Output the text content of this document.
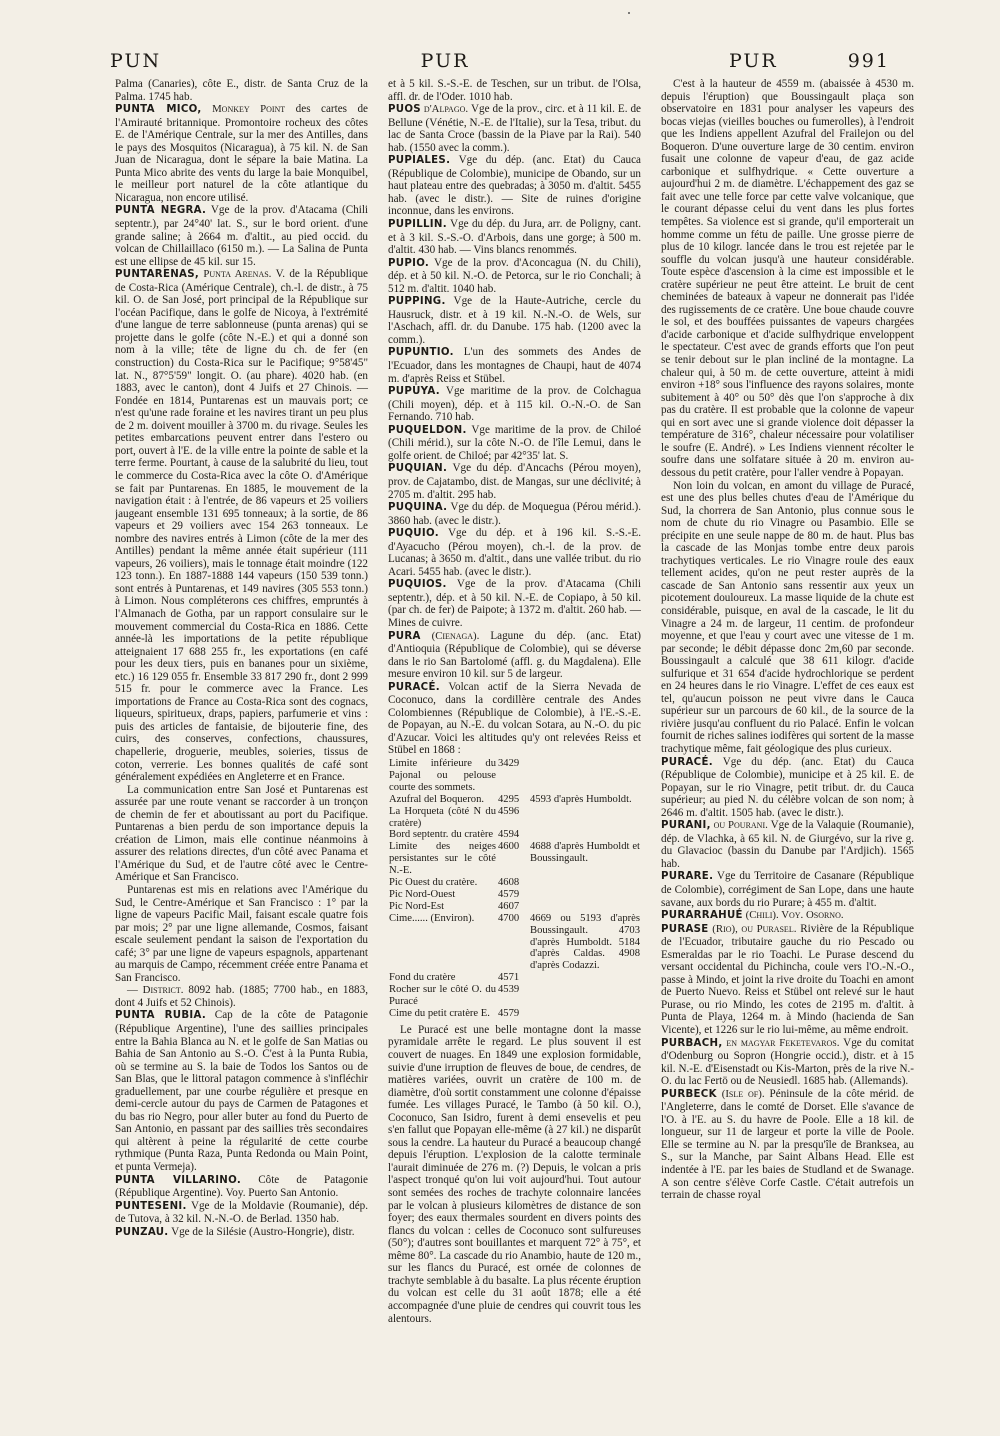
PUN	PUR	PUR	991

Palma (Canaries), côte E., distr. de Santa Cruz de la Palma. 1745 hab.

PUNTA MICO, Monkey Point des cartes de l'Amirauté britannique. Promontoire rocheux des côtes E. de l'Amérique Centrale, sur la mer des Antilles, dans le pays des Mosquitos (Nicaragua), à 75 kil. N. de San Juan de Nicaragua, dont le sépare la baie Matina. La Punta Mico abrite des vents du large la baie Monquibel, le meilleur port naturel de la côte atlantique du Nicaragua, non encore utilisé.

PUNTA NEGRA. Vge de la prov. d'Atacama (Chili septentr.), par 24°40' lat. S., sur le bord orient. d'une grande saline; à 2664 m. d'altit., au pied occid. du volcan de Chillaillaco (6150 m.). — La Salina de Punta est une ellipse de 45 kil. sur 15.

PUNTARENAS, Punta Arenas. V. de la République de Costa-Rica (Amérique Centrale), ch.-l. de distr., à 75 kil. O. de San José, port principal de la République sur l'océan Pacifique, dans le golfe de Nicoya, à l'extrémité d'une langue de terre sablonneuse (punta arenas) qui se projette dans le golfe (côte N.-E.) et qui a donné son nom à la ville; tête de ligne du ch. de fer (en construction) du Costa-Rica sur le Pacifique; 9°58'45" lat. N., 87°5'59" longit. O. (au phare). 4020 hab. (en 1883, avec le canton), dont 4 Juifs et 27 Chinois. — Fondée en 1814, Puntarenas est un mauvais port; ce n'est qu'une rade foraine et les navires tirant un peu plus de 2 m. doivent mouiller à 3700 m. du rivage. Seules les petites embarcations peuvent entrer dans l'estero ou port, ouvert à l'E. de la ville entre la pointe de sable et la terre ferme. Pourtant, à cause de la salubrité du lieu, tout le commerce du Costa-Rica avec la côte O. d'Amérique se fait par Puntarenas. En 1885, le mouvement de la navigation était : à l'entrée, de 86 vapeurs et 25 voiliers jaugeant ensemble 131 695 tonneaux; à la sortie, de 86 vapeurs et 29 voiliers avec 154 263 tonneaux. Le nombre des navires entrés à Limon (côte de la mer des Antilles) pendant la même année était supérieur (111 vapeurs, 26 voiliers), mais le tonnage était moindre (122 123 tonn.). En 1887-1888 144 vapeurs (150 539 tonn.) sont entrés à Puntarenas, et 149 navires (305 553 tonn.) à Limon. Nous compléterons ces chiffres, empruntés à l'Almanach de Gotha, par un rapport consulaire sur le mouvement commercial du Costa-Rica en 1886. Cette année-là les importations de la petite république atteignaient 17 688 255 fr., les exportations (en café pour les deux tiers, puis en bananes pour un sixième, etc.) 16 129 055 fr. Ensemble 33 817 290 fr., dont 2 999 515 fr. pour le commerce avec la France. Les importations de France au Costa-Rica sont des cognacs, liqueurs, spiritueux, draps, papiers, parfumerie et vins : puis des articles de fantaisie, de bijouterie fine, des cuirs, des conserves, confections, chaussures, chapellerie, droguerie, meubles, soieries, tissus de coton, verrerie. Les bonnes qualités de café sont généralement expédiées en Angleterre et en France.

La communication entre San José et Puntarenas est assurée par une route venant se raccorder à un tronçon de chemin de fer et aboutissant au port du Pacifique. Puntarenas a bien perdu de son importance depuis la création de Limon, mais elle continue néanmoins à assurer des relations directes, d'un côté avec Panama et l'Amérique du Sud, et de l'autre côté avec le Centre-Amérique et San Francisco.

Puntarenas est mis en relations avec l'Amérique du Sud, le Centre-Amérique et San Francisco : 1° par la ligne de vapeurs Pacific Mail, faisant escale quatre fois par mois; 2° par une ligne allemande, Cosmos, faisant escale seulement pendant la saison de l'exportation du café; 3° par une ligne de vapeurs espagnols, appartenant au marquis de Campo, récemment créée entre Panama et San Francisco.

— District. 8092 hab. (1885; 7700 hab., en 1883, dont 4 Juifs et 52 Chinois).

PUNTA RUBIA. Cap de la côte de Patagonie (République Argentine), l'une des saillies principales entre la Bahia Blanca au N. et le golfe de San Matias ou Bahia de San Antonio au S.-O. C'est à la Punta Rubia, où se termine au S. la baie de Todos los Santos ou de San Blas, que le littoral patagon commence à s'infléchir graduellement, par une courbe régulière et presque en demi-cercle autour du pays de Carmen de Patagones et du bas rio Negro, pour aller buter au fond du Puerto de San Antonio, en passant par des saillies très secondaires qui altèrent à peine la régularité de cette courbe rythmique (Punta Raza, Punta Redonda ou Main Point, et punta Vermeja).

PUNTA VILLARINO. Côte de Patagonie (République Argentine). Voy. Puerto San Antonio.

PUNTESENI. Vge de la Moldavie (Roumanie), dép. de Tutova, à 32 kil. N.-N.-O. de Berlad. 1350 hab.

PUNZAU. Vge de la Silésie (Austro-Hongrie), distr.

et à 5 kil. S.-S.-E. de Teschen, sur un tribut. de l'Olsa, affl. dr. de l'Oder. 1010 hab.

PUOS d'Alpago. Vge de la prov., circ. et à 11 kil. E. de Bellune (Vénétie, N.-E. de l'Italie), sur la Tesa, tribut. du lac de Santa Croce (bassin de la Piave par la Rai). 540 hab. (1550 avec la comm.).

PUPIALES. Vge du dép. (anc. Etat) du Cauca (République de Colombie), municipe de Obando, sur un haut plateau entre des quebradas; à 3050 m. d'altit. 5455 hab. (avec le distr.). — Site de ruines d'origine inconnue, dans les environs.

PUPILLIN. Vge du dép. du Jura, arr. de Poligny, cant. et à 3 kil. S.-S.-O. d'Arbois, dans une gorge; à 500 m. d'altit. 430 hab. — Vins blancs renommés.

PUPIO. Vge de la prov. d'Aconcagua (N. du Chili), dép. et à 50 kil. N.-O. de Petorca, sur le rio Conchali; à 512 m. d'altit. 1040 hab.

PUPPING. Vge de la Haute-Autriche, cercle du Hausruck, distr. et à 19 kil. N.-N.-O. de Wels, sur l'Aschach, affl. dr. du Danube. 175 hab. (1200 avec la comm.).

PUPUNTIO. L'un des sommets des Andes de l'Ecuador, dans les montagnes de Chaupi, haut de 4074 m. d'après Reiss et Stübel.

PUPUYA. Vge maritime de la prov. de Colchagua (Chili moyen), dép. et à 115 kil. O.-N.-O. de San Fernando. 710 hab.

PUQUELDON. Vge maritime de la prov. de Chiloé (Chili mérid.), sur la côte N.-O. de l'île Lemui, dans le golfe orient. de Chiloé; par 42°35' lat. S.

PUQUIAN. Vge du dép. d'Ancachs (Pérou moyen), prov. de Cajatambo, dist. de Mangas, sur une déclivité; à 2705 m. d'altit. 295 hab.

PUQUINA. Vge du dép. de Moquegua (Pérou mérid.). 3860 hab. (avec le distr.).

PUQUIO. Vge du dép. et à 196 kil. S.-S.-E. d'Ayacucho (Pérou moyen), ch.-l. de la prov. de Lucanas; à 3650 m. d'altit., dans une vallée tribut. du rio Acari. 5455 hab. (avec le distr.).

PUQUIOS. Vge de la prov. d'Atacama (Chili septentr.), dép. et à 50 kil. N.-E. de Copiapo, à 50 kil. (par ch. de fer) de Paipote; à 1372 m. d'altit. 260 hab. — Mines de cuivre.

PURA (Cienaga). Lagune du dép. (anc. Etat) d'Antioquia (République de Colombie), qui se déverse dans le rio San Bartolomé (affl. g. du Magdalena). Elle mesure environ 10 kil. sur 5 de largeur.

PURACÉ. Volcan actif de la Sierra Nevada de Coconuco, dans la cordillère centrale des Andes Colombiennes (République de Colombie), à l'E.-S.-E. de Popayan, au N.-E. du volcan Sotara, au N.-O. du pic d'Azucar. Voici les altitudes qu'y ont relevées Reiss et Stübel en 1868 :

Limite inférieure du Pajonal ou pelouse courte des sommets.	3429	
Azufral del Boqueron.	4295	4593 d'après Humboldt.
La Horqueta (côté N du cratère)	4596	
Bord septentr. du cratère	4594	
Limite des neiges persistantes sur le côté N.-E.	4600	4688 d'après Humboldt et Boussingault.
Pic Ouest du cratère.	4608	
Pic Nord-Ouest	4579	
Pic Nord-Est	4607	
Cime...... (Environ).	4700	4669 ou 5193 d'après Boussingault. 4703 d'après Humboldt. 5184 d'après Caldas. 4908 d'après Codazzi.
Fond du cratère	4571	
Rocher sur le côté O. du Puracé	4539	
Cime du petit cratère E.	4579	

Le Puracé est une belle montagne dont la masse pyramidale arrête le regard. Le plus souvent il est couvert de nuages. En 1849 une explosion formidable, suivie d'une irruption de fleuves de boue, de cendres, de matières variées, ouvrit un cratère de 100 m. de diamètre, d'où sortit constamment une colonne d'épaisse fumée. Les villages Puracé, le Tambo (à 50 kil. O.), Coconuco, San Isidro, furent à demi ensevelis et peu s'en fallut que Popayan elle-même (à 27 kil.) ne disparût sous la cendre. La hauteur du Puracé a beaucoup changé depuis l'éruption. L'explosion de la calotte terminale l'aurait diminuée de 276 m. (?) Depuis, le volcan a pris l'aspect tronqué qu'on lui voit aujourd'hui. Tout autour sont semées des roches de trachyte colonnaire lancées par le volcan à plusieurs kilomètres de distance de son foyer; des eaux thermales sourdent en divers points des flancs du volcan : celles de Coconuco sont sulfureuses (50°); d'autres sont bouillantes et marquent 72° à 75°, et même 80°. La cascade du rio Anambio, haute de 120 m., sur les flancs du Puracé, est ornée de colonnes de trachyte semblable à du basalte. La plus récente éruption du volcan est celle du 31 août 1878; elle a été accompagnée d'une pluie de cendres qui couvrit tous les alentours.

C'est à la hauteur de 4559 m. (abaissée à 4530 m. depuis l'éruption) que Boussingault plaça son observatoire en 1831 pour analyser les vapeurs des bocas viejas (vieilles bouches ou fumerolles), à l'endroit que les Indiens appellent Azufral del Frailejon ou del Boqueron. D'une ouverture large de 30 centim. environ fusait une colonne de vapeur d'eau, de gaz acide carbonique et sulfhydrique. « Cette ouverture a aujourd'hui 2 m. de diamètre. L'échappement des gaz se fait avec une telle force par cette valve volcanique, que le courant dépasse celui du vent dans les plus fortes tempêtes. Sa violence est si grande, qu'il emporterait un homme comme un fétu de paille. Une grosse pierre de plus de 10 kilogr. lancée dans le trou est rejetée par le souffle du volcan jusqu'à une hauteur considérable. Toute espèce d'ascension à la cime est impossible et le cratère supérieur ne peut être atteint. Le bruit de cent cheminées de bateaux à vapeur ne donnerait pas l'idée des rugissements de ce cratère. Une boue chaude couvre le sol, et des bouffées puissantes de vapeurs chargées d'acide carbonique et d'acide sulfhydrique enveloppent le spectateur. C'est avec de grands efforts que l'on peut se tenir debout sur le plan incliné de la montagne. La chaleur qui, à 50 m. de cette ouverture, atteint à midi environ +18° sous l'influence des rayons solaires, monte subitement à 40° ou 50° dès que l'on s'approche à dix pas du cratère. Il est probable que la colonne de vapeur qui en sort avec une si grande violence doit dépasser la température de 316°, chaleur nécessaire pour volatiliser le soufre (E. André). » Les Indiens viennent récolter le soufre dans une solfatare située à 20 m. environ au-dessous du petit cratère, pour l'aller vendre à Popayan.

Non loin du volcan, en amont du village de Puracé, est une des plus belles chutes d'eau de l'Amérique du Sud, la chorrera de San Antonio, plus connue sous le nom de chute du rio Vinagre ou Pasambio. Elle se précipite en une seule nappe de 80 m. de haut. Plus bas la cascade de las Monjas tombe entre deux parois trachytiques verticales. Le rio Vinagre roule des eaux tellement acides, qu'on ne peut rester auprès de la cascade de San Antonio sans ressentir aux yeux un picotement douloureux. La masse liquide de la chute est considérable, puisque, en aval de la cascade, le lit du Vinagre a 24 m. de largeur, 11 centim. de profondeur moyenne, et que l'eau y court avec une vitesse de 1 m. par seconde; le débit dépasse donc 2m,60 par seconde. Boussingault a calculé que 38 611 kilogr. d'acide sulfurique et 31 654 d'acide hydrochlorique se perdent en 24 heures dans le rio Vinagre. L'effet de ces eaux est tel, qu'aucun poisson ne peut vivre dans le Cauca supérieur sur un parcours de 60 kil., de la source de la rivière jusqu'au confluent du rio Palacé. Enfin le volcan fournit de riches salines iodifères qui sortent de la masse trachytique même, fait géologique des plus curieux.

PURACÉ. Vge du dép. (anc. Etat) du Cauca (République de Colombie), municipe et à 25 kil. E. de Popayan, sur le rio Vinagre, petit tribut. dr. du Cauca supérieur; au pied N. du célèbre volcan de son nom; à 2646 m. d'altit. 1505 hab. (avec le distr.).

PURANI, ou Pourani. Vge de la Valaquie (Roumanie), dép. de Vlachka, à 65 kil. N. de Giurgévo, sur la rive g. du Glavacioc (bassin du Danube par l'Ardjich). 1565 hab.

PURARE. Vge du Territoire de Casanare (République de Colombie), corrégiment de San Lope, dans une haute savane, aux bords du rio Purare; à 455 m. d'altit.

PURARRAHUÉ (Chili). Voy. Osorno.

PURASE (Rio), ou Purasel. Rivière de la République de l'Ecuador, tributaire gauche du rio Pescado ou Esmeraldas par le rio Toachi. Le Purase descend du versant occidental du Pichincha, coule vers l'O.-N.-O., passe à Mindo, et joint la rive droite du Toachi en amont de Puerto Nuevo. Reiss et Stübel ont relevé sur le haut Purase, ou rio Mindo, les cotes de 2195 m. d'altit. à Punta de Playa, 1264 m. à Mindo (hacienda de San Vicente), et 1226 sur le rio lui-même, au même endroit.

PURBACH, en magyar Feketevaros. Vge du comitat d'Odenburg ou Sopron (Hongrie occid.), distr. et à 15 kil. N.-E. d'Eisenstadt ou Kis-Marton, près de la rive N.-O. du lac Fertö ou de Neusiedl. 1685 hab. (Allemands).

PURBECK (Isle of). Péninsule de la côte mérid. de l'Angleterre, dans le comté de Dorset. Elle s'avance de l'O. à l'E. au S. du havre de Poole. Elle a 18 kil. de longueur, sur 11 de largeur et porte la ville de Poole. Elle se termine au N. par la presqu'île de Branksea, au S., sur la Manche, par Saint Albans Head. Elle est indentée à l'E. par les baies de Studland et de Swanage. A son centre s'élève Corfe Castle. C'était autrefois un terrain de chasse royal
